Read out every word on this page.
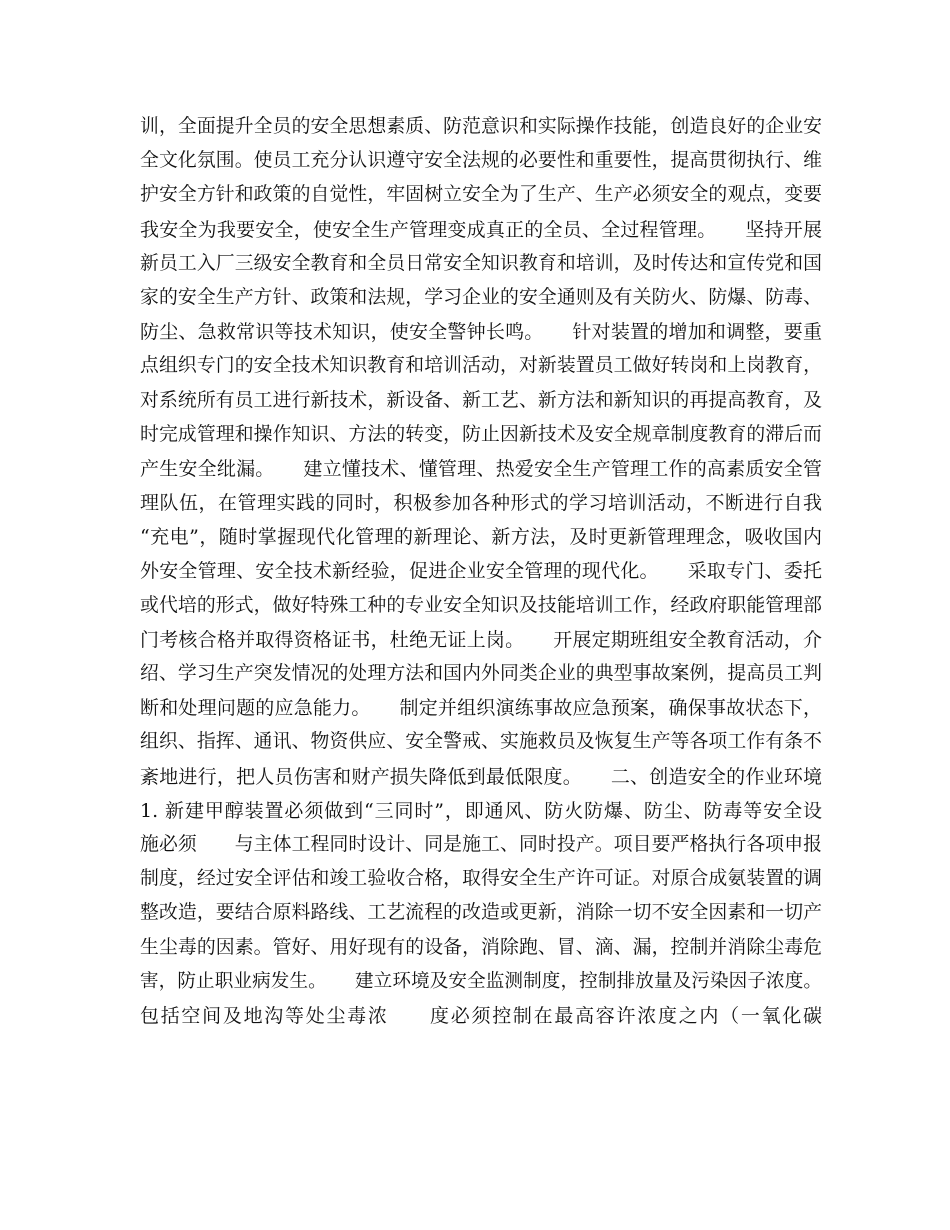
训，全面提升全员的安全思想素质、防范意识和实际操作技能，创造良好的企业安
全文化氛围。使员工充分认识遵守安全法规的必要性和重要性，提高贯彻执行、维
护安全方针和政策的自觉性，牢固树立安全为了生产、生产必须安全的观点，变要
我安全为我要安全，使安全生产管理变成真正的全员、全过程管理。　　坚持开展
新员工入厂三级安全教育和全员日常安全知识教育和培训，及时传达和宣传党和国
家的安全生产方针、政策和法规，学习企业的安全通则及有关防火、防爆、防毒、
防尘、急救常识等技术知识，使安全警钟长鸣。　　针对装置的增加和调整，要重
点组织专门的安全技术知识教育和培训活动，对新装置员工做好转岗和上岗教育，
对系统所有员工进行新技术，新设备、新工艺、新方法和新知识的再提高教育，及
时完成管理和操作知识、方法的转变，防止因新技术及安全规章制度教育的滞后而
产生安全纰漏。　　建立懂技术、懂管理、热爱安全生产管理工作的高素质安全管
理队伍，在管理实践的同时，积极参加各种形式的学习培训活动，不断进行自我
“充电”，随时掌握现代化管理的新理论、新方法，及时更新管理理念，吸收国内
外安全管理、安全技术新经验，促进企业安全管理的现代化。　　采取专门、委托
或代培的形式，做好特殊工种的专业安全知识及技能培训工作，经政府职能管理部
门考核合格并取得资格证书，杜绝无证上岗。　　开展定期班组安全教育活动，介
绍、学习生产突发情况的处理方法和国内外同类企业的典型事故案例，提高员工判
断和处理问题的应急能力。　　制定并组织演练事故应急预案，确保事故状态下，
组织、指挥、通讯、物资供应、安全警戒、实施救员及恢复生产等各项工作有条不
紊地进行，把人员伤害和财产损失降低到最低限度。　　二、创造安全的作业环境
1. 新建甲醇装置必须做到“三同时”，即通风、防火防爆、防尘、防毒等安全设
施必须　　与主体工程同时设计、同是施工、同时投产。项目要严格执行各项申报
制度，经过安全评估和竣工验收合格，取得安全生产许可证。对原合成氨装置的调
整改造，要结合原料路线、工艺流程的改造或更新，消除一切不安全因素和一切产
生尘毒的因素。管好、用好现有的设备，消除跑、冒、滴、漏，控制并消除尘毒危
害，防止职业病发生。　　建立环境及安全监测制度，控制排放量及污染因子浓度。
包括空间及地沟等处尘毒浓　　度必须控制在最高容许浓度之内（一氧化碳
